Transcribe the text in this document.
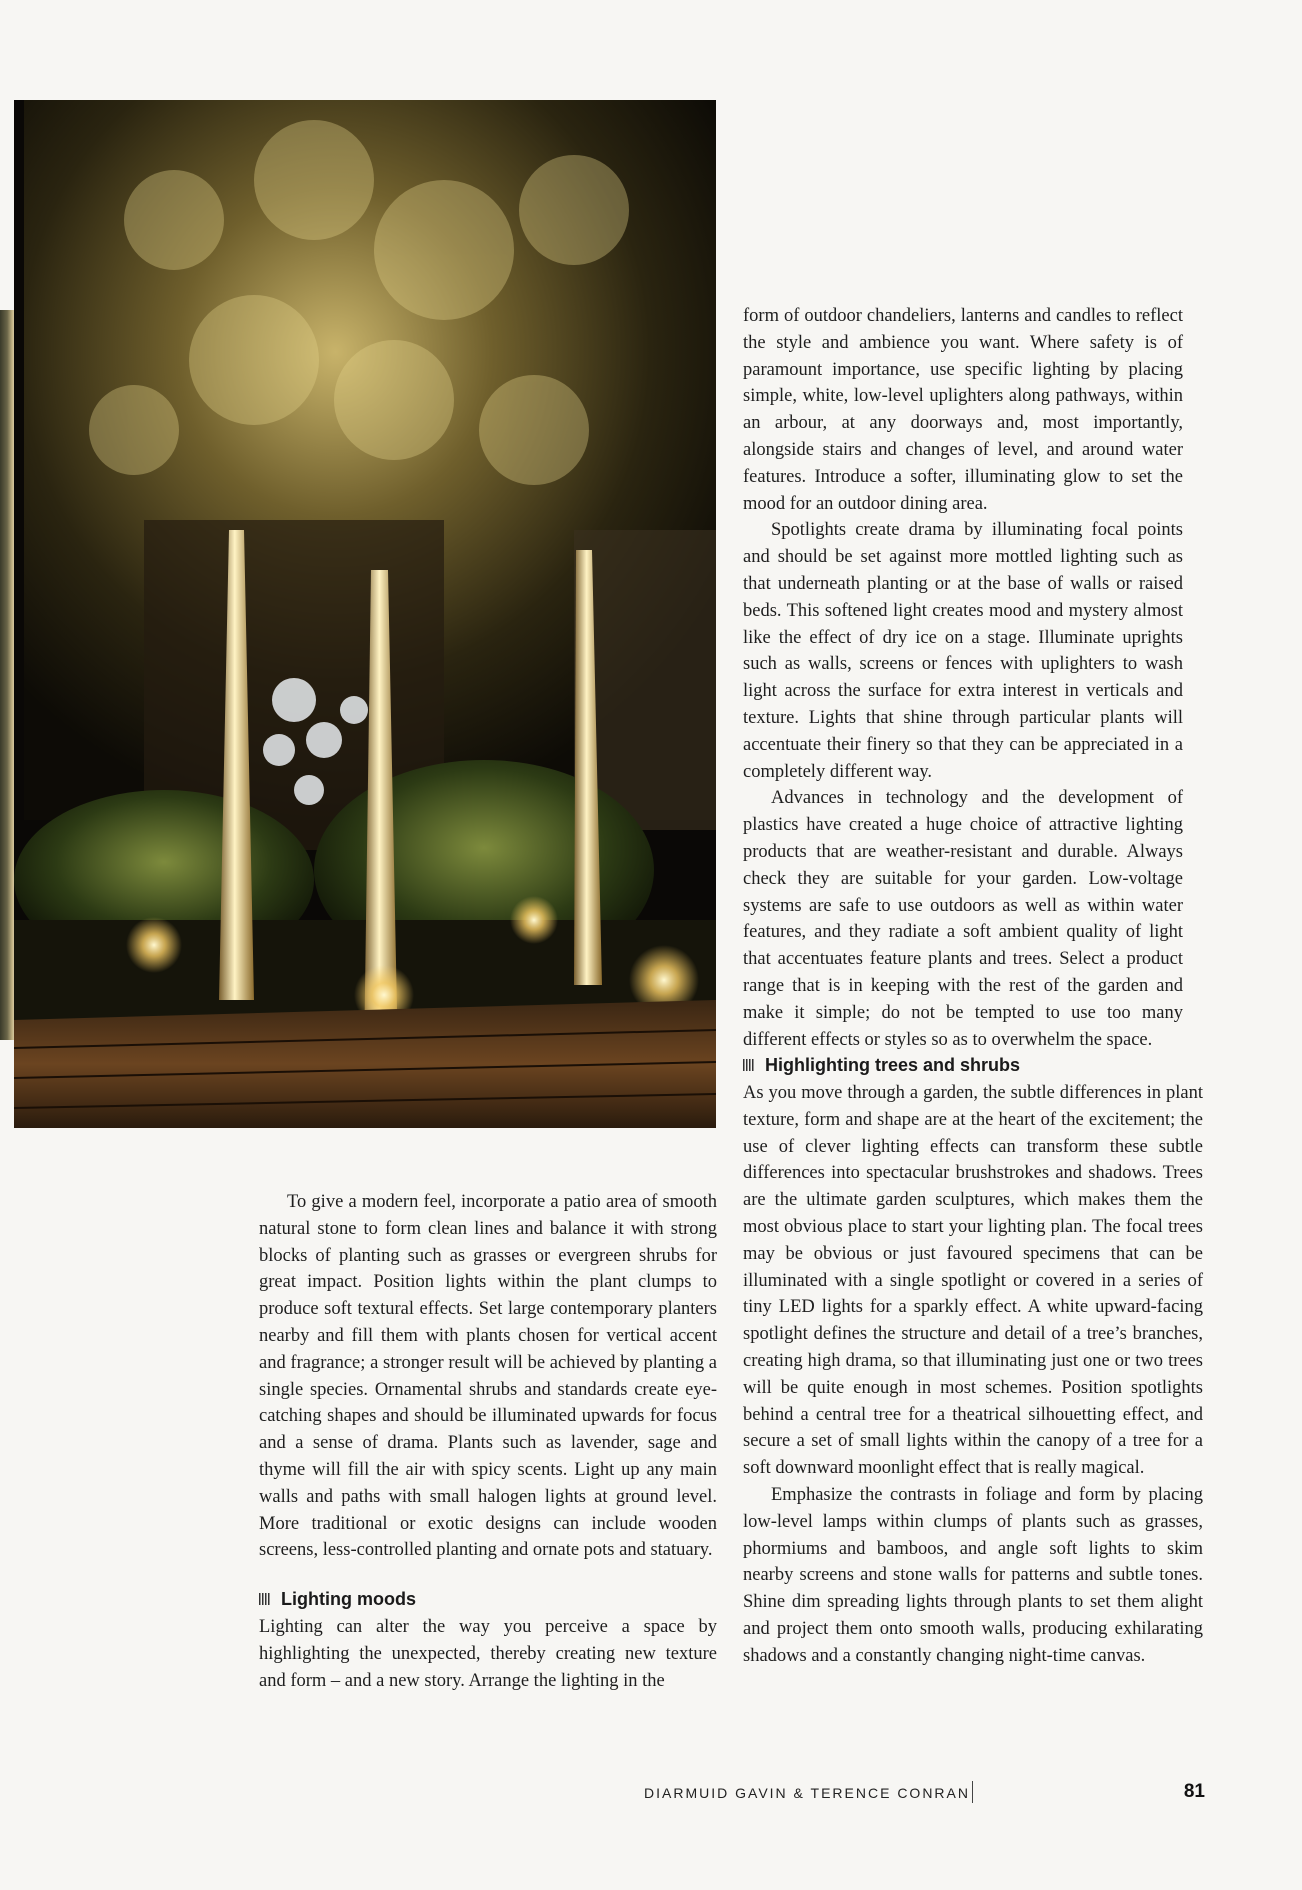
form of outdoor chandeliers, lanterns and candles to reflect the style and ambience you want. Where safety is of paramount importance, use specific lighting by placing simple, white, low-level uplighters along pathways, within an arbour, at any doorways and, most importantly, alongside stairs and changes of level, and around water features. Introduce a softer, illuminating glow to set the mood for an outdoor dining area.

Spotlights create drama by illuminating focal points and should be set against more mottled lighting such as that underneath planting or at the base of walls or raised beds. This softened light creates mood and mystery almost like the effect of dry ice on a stage. Illuminate uprights such as walls, screens or fences with uplighters to wash light across the surface for extra interest in verticals and texture. Lights that shine through particular plants will accentuate their finery so that they can be appreciated in a completely different way.

Advances in technology and the development of plastics have created a huge choice of attractive lighting products that are weather-resistant and durable. Always check they are suitable for your garden. Low-voltage systems are safe to use outdoors as well as within water features, and they radiate a soft ambient quality of light that accentuates feature plants and trees. Select a product range that is in keeping with the rest of the garden and make it simple; do not be tempted to use too many different effects or styles so as to overwhelm the space.

To give a modern feel, incorporate a patio area of smooth natural stone to form clean lines and balance it with strong blocks of planting such as grasses or evergreen shrubs for great impact. Position lights within the plant clumps to produce soft textural effects. Set large contemporary planters nearby and fill them with plants chosen for vertical accent and fragrance; a stronger result will be achieved by planting a single species. Ornamental shrubs and standards create eye-catching shapes and should be illuminated upwards for focus and a sense of drama. Plants such as lavender, sage and thyme will fill the air with spicy scents. Light up any main walls and paths with small halogen lights at ground level. More traditional or exotic designs can include wooden screens, less-controlled planting and ornate pots and statuary.

Lighting moods

Lighting can alter the way you perceive a space by highlighting the unexpected, thereby creating new texture and form – and a new story. Arrange the lighting in the

Highlighting trees and shrubs

As you move through a garden, the subtle differences in plant texture, form and shape are at the heart of the excitement; the use of clever lighting effects can transform these subtle differences into spectacular brushstrokes and shadows. Trees are the ultimate garden sculptures, which makes them the most obvious place to start your lighting plan. The focal trees may be obvious or just favoured specimens that can be illuminated with a single spotlight or covered in a series of tiny LED lights for a sparkly effect. A white upward-facing spotlight defines the structure and detail of a tree’s branches, creating high drama, so that illuminating just one or two trees will be quite enough in most schemes. Position spotlights behind a central tree for a theatrical silhouetting effect, and secure a set of small lights within the canopy of a tree for a soft downward moonlight effect that is really magical.

Emphasize the contrasts in foliage and form by placing low-level lamps within clumps of plants such as grasses, phormiums and bamboos, and angle soft lights to skim nearby screens and stone walls for patterns and subtle tones. Shine dim spreading lights through plants to set them alight and project them onto smooth walls, producing exhilarating shadows and a constantly changing night-time canvas.

DIARMUID GAVIN & TERENCE CONRAN	81
